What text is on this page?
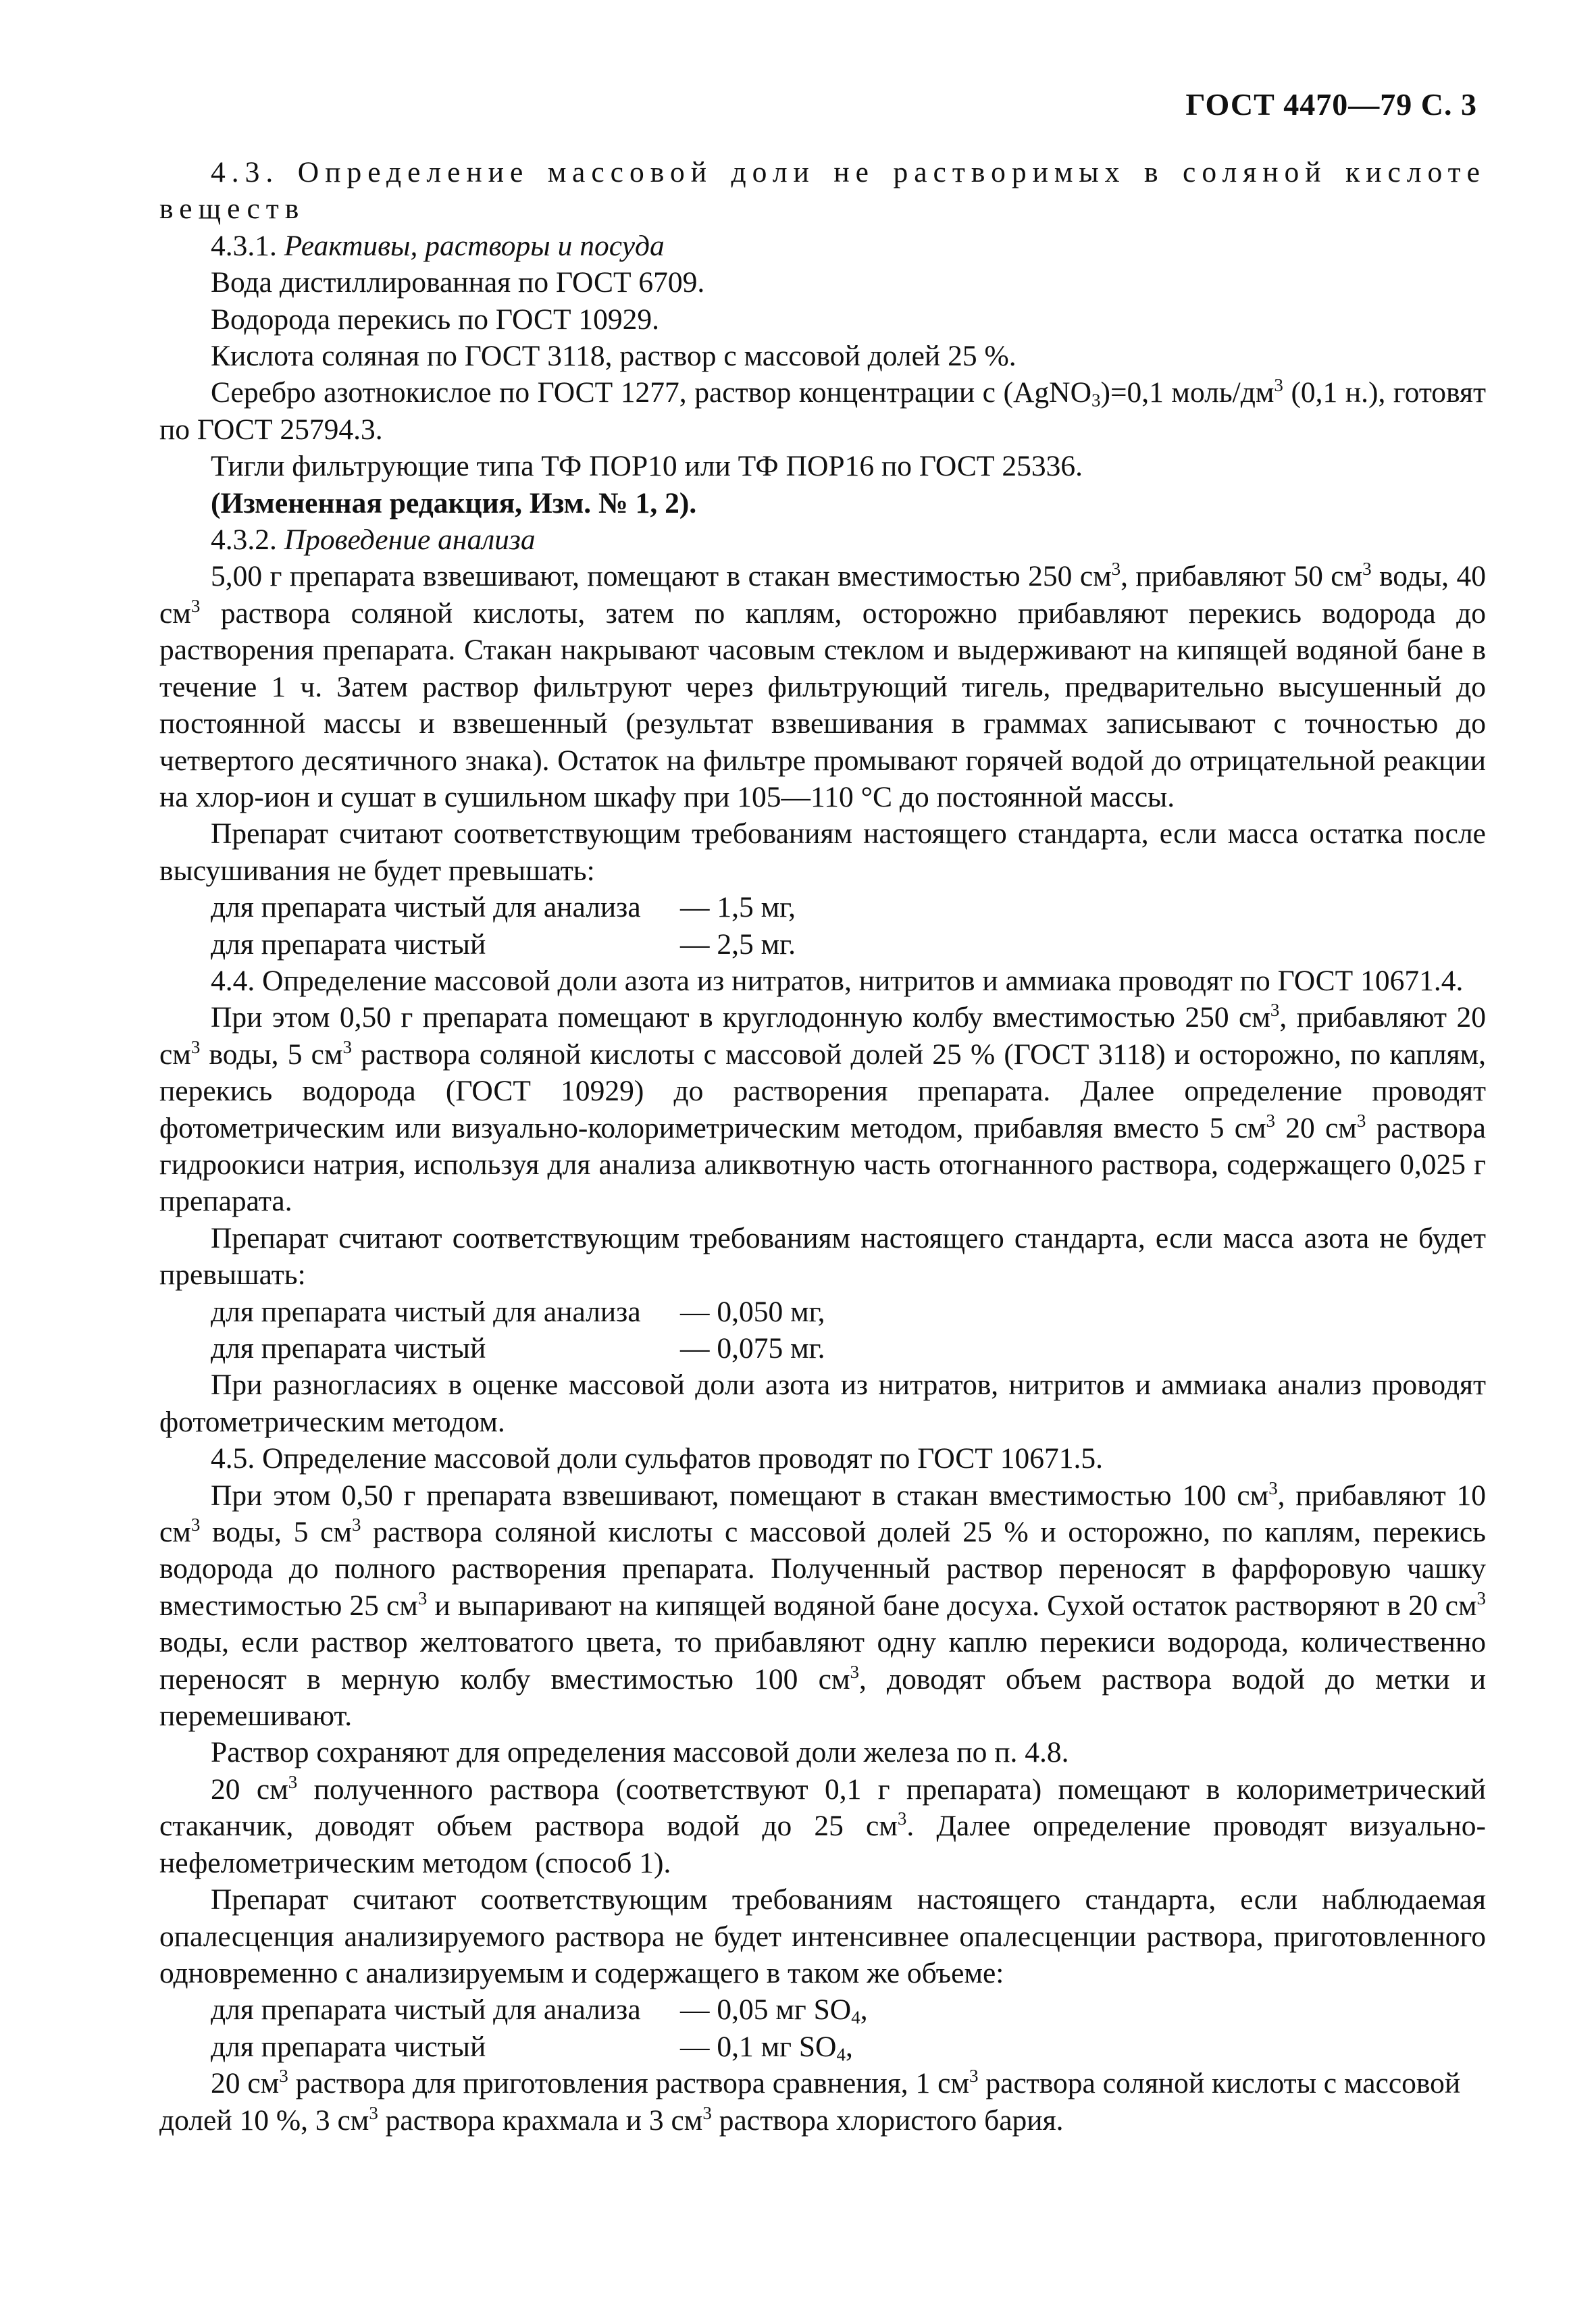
ГОСТ 4470—79 С. 3

4.3. Определение массовой доли не растворимых в соляной кислоте веществ

4.3.1. Реактивы, растворы и посуда

Вода дистиллированная по ГОСТ 6709.

Водорода перекись по ГОСТ 10929.

Кислота соляная по ГОСТ 3118, раствор с массовой долей 25 %.

Серебро азотнокислое по ГОСТ 1277, раствор концентрации с (AgNO$_3$)=0,1 моль/$дм^3$ (0,1 н.), готовят по ГОСТ 25794.3.

Тигли фильтрующие типа ТФ ПОР10 или ТФ ПОР16 по ГОСТ 25336.

(Измененная редакция, Изм. № 1, 2).

4.3.2. Проведение анализа

5,00 г препарата взвешивают, помещают в стакан вместимостью 250 $см^3$, прибавляют 50 $см^3$ воды, 40 $см^3$ раствора соляной кислоты, затем по каплям, осторожно прибавляют перекись водорода до растворения препарата. Стакан накрывают часовым стеклом и выдерживают на кипящей водяной бане в течение 1 ч. Затем раствор фильтруют через фильтрующий тигель, предварительно высушенный до постоянной массы и взвешенный (результат взвешивания в граммах записывают с точностью до четвертого десятичного знака). Остаток на фильтре промывают горячей водой до отрицательной реакции на хлор-ион и сушат в сушильном шкафу при 105—110 °С до постоянной массы.

Препарат считают соответствующим требованиям настоящего стандарта, если масса остатка после высушивания не будет превышать:

для препарата чистый для анализа	— 1,5 мг,
для препарата чистый	— 2,5 мг.

4.4. Определение массовой доли азота из нитратов, нитритов и аммиака проводят по ГОСТ 10671.4.

При этом 0,50 г препарата помещают в круглодонную колбу вместимостью 250 $см^3$, прибавляют 20 $см^3$ воды, 5 $см^3$ раствора соляной кислоты с массовой долей 25 % (ГОСТ 3118) и осторожно, по каплям, перекись водорода (ГОСТ 10929) до растворения препарата. Далее определение проводят фотометрическим или визуально-колориметрическим методом, прибавляя вместо 5 $см^3$ 20 $см^3$ раствора гидроокиси натрия, используя для анализа аликвотную часть отогнанного раствора, содержащего 0,025 г препарата.

Препарат считают соответствующим требованиям настоящего стандарта, если масса азота не будет превышать:

для препарата чистый для анализа	— 0,050 мг,
для препарата чистый	— 0,075 мг.

При разногласиях в оценке массовой доли азота из нитратов, нитритов и аммиака анализ проводят фотометрическим методом.

4.5. Определение массовой доли сульфатов проводят по ГОСТ 10671.5.

При этом 0,50 г препарата взвешивают, помещают в стакан вместимостью 100 $см^3$, прибавляют 10 $см^3$ воды, 5 $см^3$ раствора соляной кислоты с массовой долей 25 % и осторожно, по каплям, перекись водорода до полного растворения препарата. Полученный раствор переносят в фарфоровую чашку вместимостью 25 $см^3$ и выпаривают на кипящей водяной бане досуха. Сухой остаток растворяют в 20 $см^3$ воды, если раствор желтоватого цвета, то прибавляют одну каплю перекиси водорода, количественно переносят в мерную колбу вместимостью 100 $см^3$, доводят объем раствора водой до метки и перемешивают.

Раствор сохраняют для определения массовой доли железа по п. 4.8.

20 $см^3$ полученного раствора (соответствуют 0,1 г препарата) помещают в колориметрический стаканчик, доводят объем раствора водой до 25 $см^3$. Далее определение проводят визуально-нефелометрическим методом (способ 1).

Препарат считают соответствующим требованиям настоящего стандарта, если наблюдаемая опалесценция анализируемого раствора не будет интенсивнее опалесценции раствора, приготовленного одновременно с анализируемым и содержащего в таком же объеме:

для препарата чистый для анализа	— 0,05 мг $SO_4$,
для препарата чистый	— 0,1 мг $SO_4$,

20 $см^3$ раствора для приготовления раствора сравнения, 1 $см^3$ раствора соляной кислоты с массовой долей 10 %, 3 $см^3$ раствора крахмала и 3 $см^3$ раствора хлористого бария.
